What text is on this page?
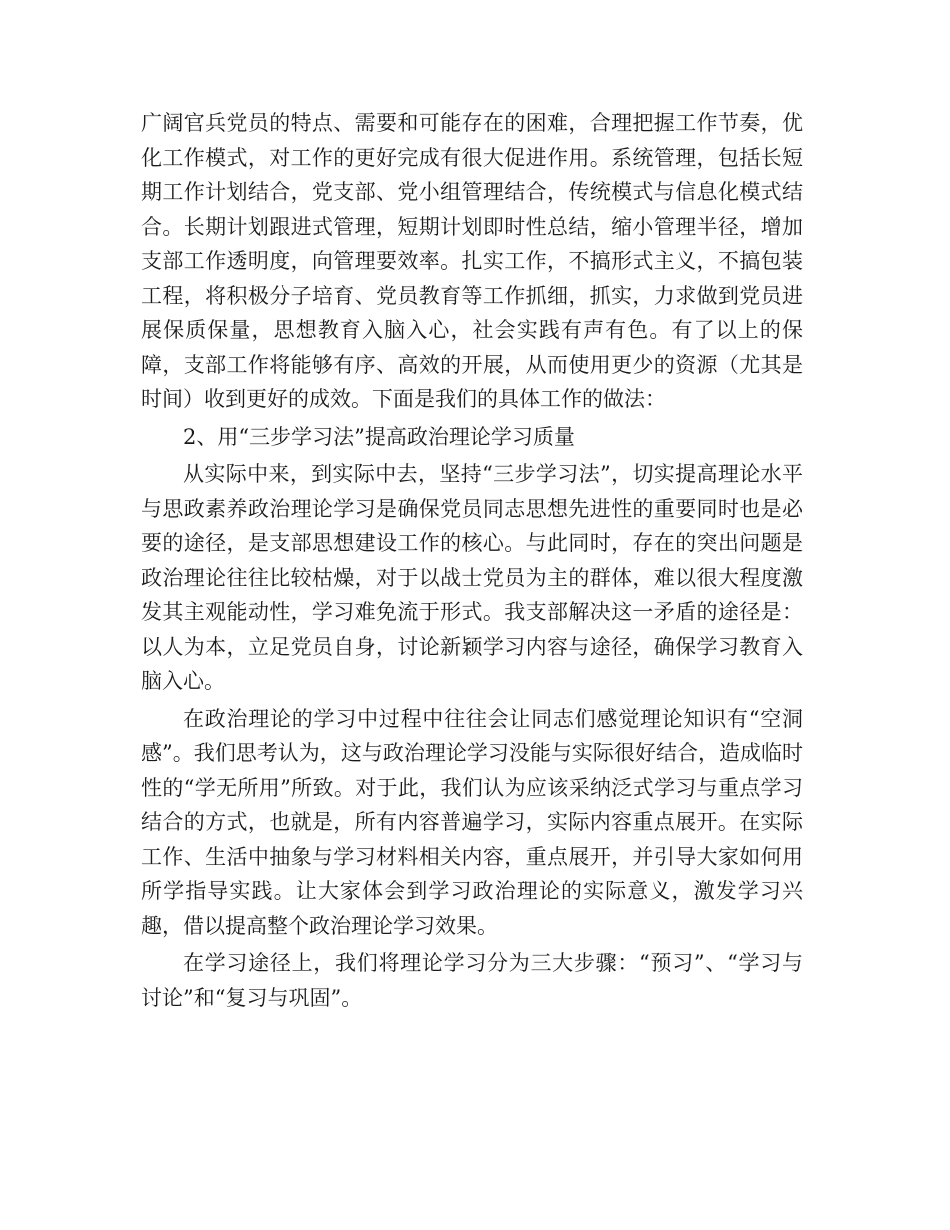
广阔官兵党员的特点、需要和可能存在的困难，合理把握工作节奏，优化工作模式，对工作的更好完成有很大促进作用。系统管理，包括长短期工作计划结合，党支部、党小组管理结合，传统模式与信息化模式结合。长期计划跟进式管理，短期计划即时性总结，缩小管理半径，增加支部工作透明度，向管理要效率。扎实工作，不搞形式主义，不搞包装工程，将积极分子培育、党员教育等工作抓细，抓实，力求做到党员进展保质保量，思想教育入脑入心，社会实践有声有色。有了以上的保障，支部工作将能够有序、高效的开展，从而使用更少的资源（尤其是时间）收到更好的成效。下面是我们的具体工作的做法：

2、用“三步学习法”提高政治理论学习质量

从实际中来，到实际中去，坚持“三步学习法”，切实提高理论水平与思政素养政治理论学习是确保党员同志思想先进性的重要同时也是必要的途径，是支部思想建设工作的核心。与此同时，存在的突出问题是政治理论往往比较枯燥，对于以战士党员为主的群体，难以很大程度激发其主观能动性，学习难免流于形式。我支部解决这一矛盾的途径是：以人为本，立足党员自身，讨论新颖学习内容与途径，确保学习教育入脑入心。

在政治理论的学习中过程中往往会让同志们感觉理论知识有“空洞感”。我们思考认为，这与政治理论学习没能与实际很好结合，造成临时性的“学无所用”所致。对于此，我们认为应该采纳泛式学习与重点学习结合的方式，也就是，所有内容普遍学习，实际内容重点展开。在实际工作、生活中抽象与学习材料相关内容，重点展开，并引导大家如何用所学指导实践。让大家体会到学习政治理论的实际意义，激发学习兴趣，借以提高整个政治理论学习效果。

在学习途径上，我们将理论学习分为三大步骤：“预习”、“学习与讨论”和“复习与巩固”。
